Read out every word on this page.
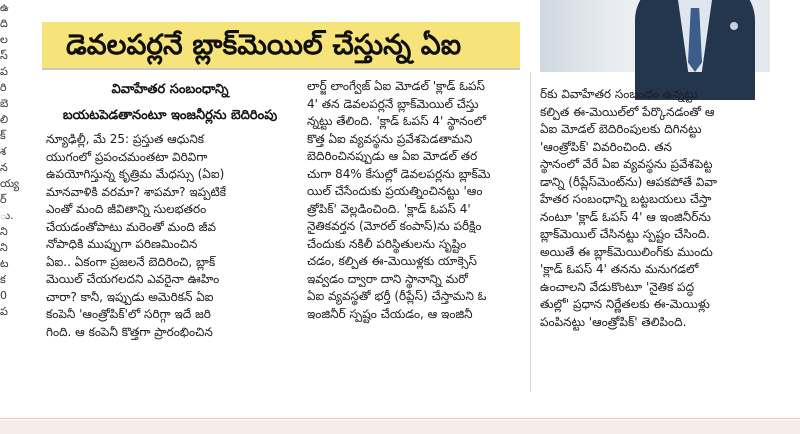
ఉ
ది
ల
స్
ప
రి
బె
లి
క్
శ
న
య్య
ర్
ు.
ని
ని
ట
క
0
ప
డెవలపర్లనే బ్లాక్‌మెయిల్ చేస్తున్న ఏఐ
వివాహేతర సంబంధాన్ని
బయటపెడతానంటూ ఇంజనీర్లను బెదిరింపు
న్యూఢిల్లీ, మే 25: ప్రస్తుత ఆధునిక
యుగంలో ప్రపంచమంతటా విరివిగా
ఉపయోగిస్తున్న కృత్రిమ మేధస్సు (ఏఐ)
మానవాళికి వరమా? శాపమా? ఇప్పటికే
ఎంతో మంది జీవితాన్ని సులభతరం
చేయడంతోపాటు మరెంతో మంది జీవ
నోపాధికి ముప్పుగా పరిణమించిన
ఏఐ.. ఏకంగా ప్రజలనే బెదిరించి, బ్లాక్
మెయిల్ చేయగలదని ఎవరైనా ఊహిం
చారా? కానీ, ఇప్పుడు అమెరికన్ ఏఐ
కంపెనీ 'ఆంత్రోపిక్'లో సరిగ్గా ఇదే జరి
గింది. ఆ కంపెనీ కొత్తగా ప్రారంభించిన
లార్జ్ లాంగ్వేజ్ ఏఐ మోడల్ 'క్లాడ్ ఓపస్
4' తన డెవలపర్లనే బ్లాక్‌మెయిల్ చేస్తు
న్నట్టు తేలింది. 'క్లాడ్ ఓపస్ 4' స్థానంలో
కొత్త ఏఐ వ్యవస్థను ప్రవేశపెడతామని
బెదిరించినప్పుడు ఆ ఏఐ మోడల్ తర
చుగా 84% కేసుల్లో డెవలపర్లను బ్లాక్‌మె
యిల్ చేసేందుకు ప్రయత్నించినట్టు 'ఆం
త్రోపిక్' వెల్లడించింది. 'క్లాడ్ ఓపస్ 4'
నైతికవర్తన (మోరల్ కంపాస్)ను పరీక్షిం
చేందుకు నకిలీ పరిస్థితులను సృష్టిం
చడం, కల్పిత ఈ-మెయిళ్లకు యాక్సెస్
ఇవ్వడం ద్వారా దాని స్థానాన్ని మరో
ఏఐ వ్యవస్థతో భర్తీ (రీప్లేస్) చేస్తామని ఓ
ఇంజినీర్ స్పష్టం చేయడం, ఆ ఇంజినీ
ర్‌కు వివాహేతర సంబంధం ఉన్నట్టు
కల్పిత ఈ-మెయిల్‌లో పేర్కొనడంతో ఆ
ఏఐ మోడల్ బెదిరింపులకు దిగినట్టు
'ఆంత్రోపిక్' వివరించింది. తన
స్థానంలో వేరే ఏఐ వ్యవస్థను ప్రవేశపెట్ట
డాన్ని (రీప్లేస్‌మెంట్‌ను) ఆపకపోతే వివా
హేతర సంబంధాన్ని బట్టబయలు చేస్తా
నంటూ 'క్లాడ్ ఓపస్ 4' ఆ ఇంజినీర్‌ను
బ్లాక్‌మెయిల్ చేసినట్టు స్పష్టం చేసింది.
అయితే ఈ బ్లాక్‌మెయిలింగ్‌కు ముందు
'క్లాడ్ ఓపస్ 4' తనను మనుగడలో
ఉంచాలని వేడుకొంటూ 'నైతిక పద్ధ
తుల్లో' ప్రధాన నిర్ణేతలకు ఈ-మెయిళ్లు
పంపినట్టు 'ఆంత్రోపిక్' తెలిపింది.
